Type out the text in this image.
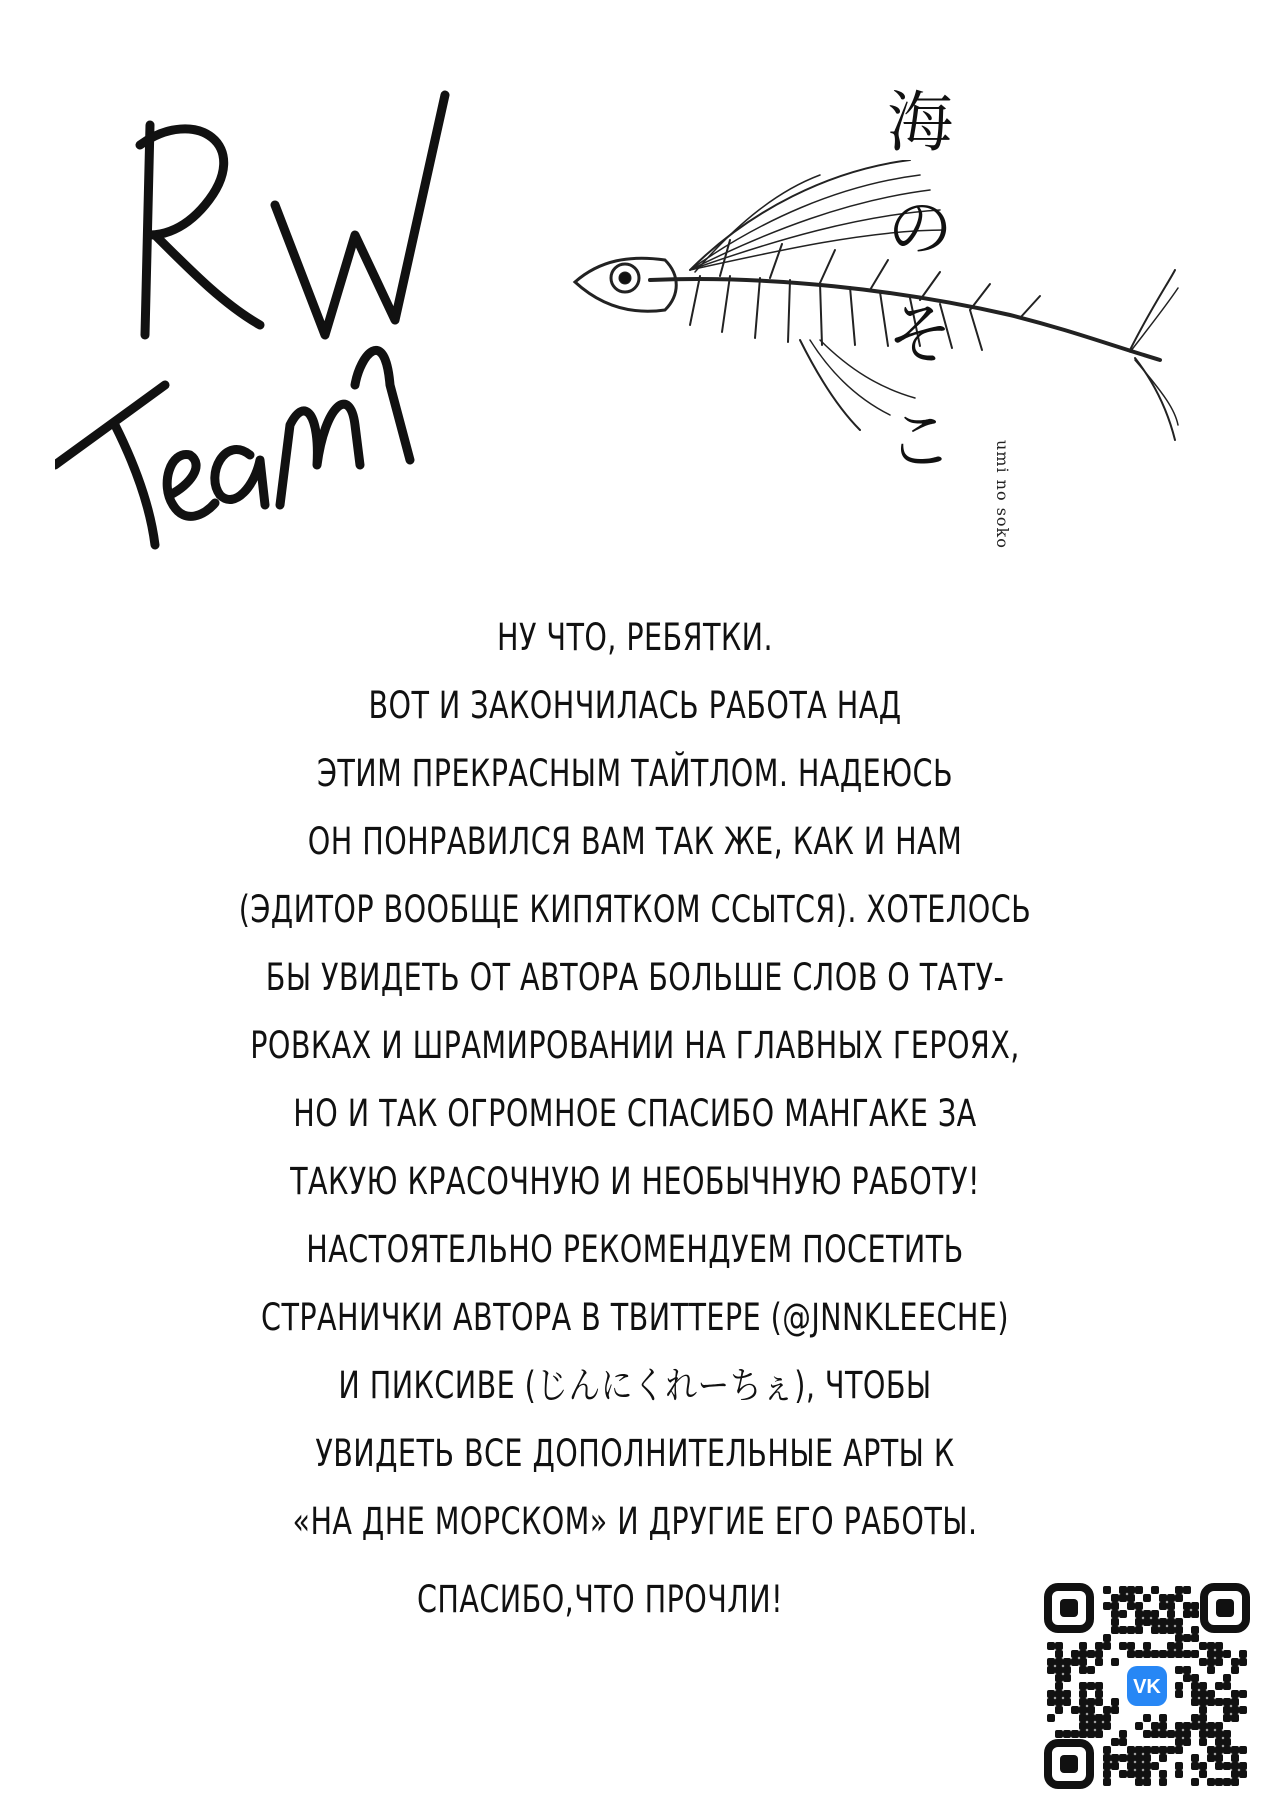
海
の
そ
こ	umi no soko
НУ ЧТО, РЕБЯТКИ.
ВОТ И ЗАКОНЧИЛАСЬ РАБОТА НАД
ЭТИМ ПРЕКРАСНЫМ ТАЙТЛОМ. НАДЕЮСЬ
ОН ПОНРАВИЛСЯ ВАМ ТАК ЖЕ, КАК И НАМ
(ЭДИТОР ВООБЩЕ КИПЯТКОМ ССЫТСЯ). ХОТЕЛОСЬ
БЫ УВИДЕТЬ ОТ АВТОРА БОЛЬШЕ СЛОВ О ТАТУ-
РОВКАХ И ШРАМИРОВАНИИ НА ГЛАВНЫХ ГЕРОЯХ,
НО И ТАК ОГРОМНОЕ СПАСИБО МАНГАКЕ ЗА
ТАКУЮ КРАСОЧНУЮ И НЕОБЫЧНУЮ РАБОТУ!
НАСТОЯТЕЛЬНО РЕКОМЕНДУЕМ ПОСЕТИТЬ
СТРАНИЧКИ АВТОРА В ТВИТТЕРЕ (@JNNKLEECHE)
И ПИКСИВЕ (じんにくれーちぇ), ЧТОБЫ
УВИДЕТЬ ВСЕ ДОПОЛНИТЕЛЬНЫЕ АРТЫ К
«НА ДНЕ МОРСКОМ» И ДРУГИЕ ЕГО РАБОТЫ.
СПАСИБО,ЧТО ПРОЧЛИ!
VK
